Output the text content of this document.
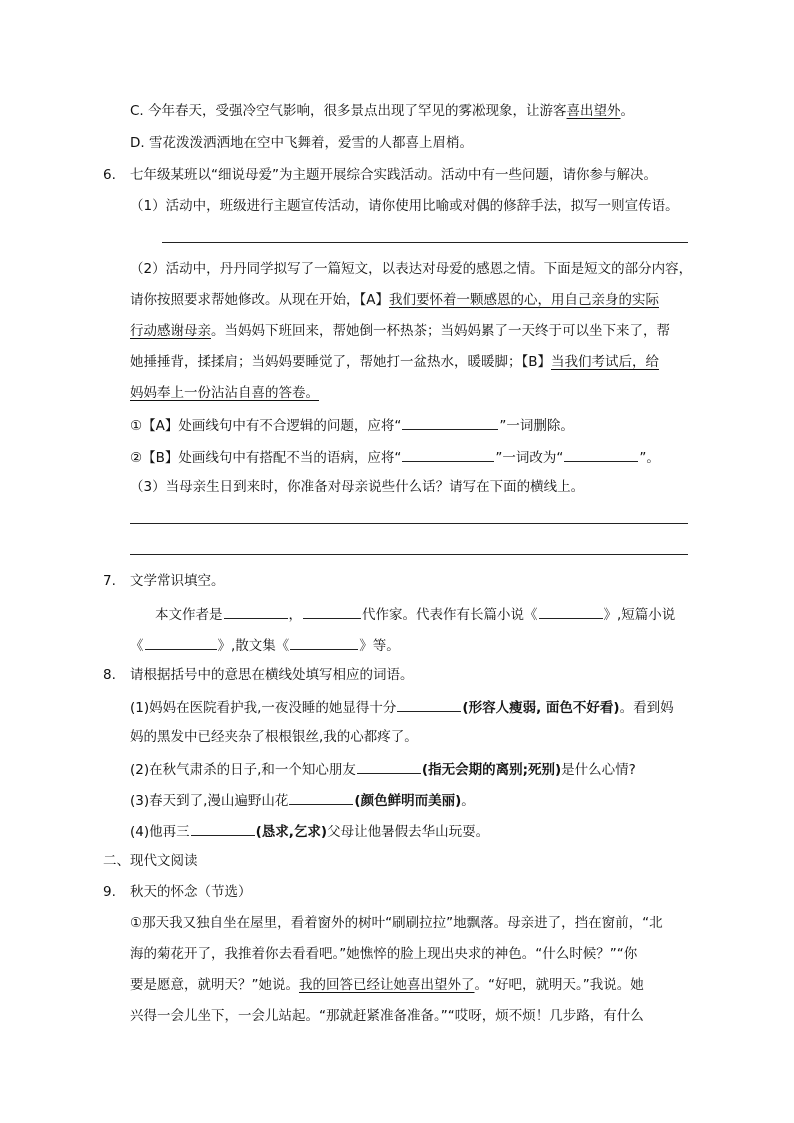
C. 今年春天，受强冷空气影响，很多景点出现了罕见的雾凇现象，让游客喜出望外。
D. 雪花泼泼洒洒地在空中飞舞着，爱雪的人都喜上眉梢。
6. 七年级某班以“细说母爱”为主题开展综合实践活动。活动中有一些问题，请你参与解决。
（1）活动中，班级进行主题宣传活动，请你使用比喻或对偶的修辞手法，拟写一则宣传语。
（2）活动中，丹丹同学拟写了一篇短文，以表达对母爱的感恩之情。下面是短文的部分内容，
请你按照要求帮她修改。从现在开始，【A】我们要怀着一颗感恩的心，用自己亲身的实际
行动感谢母亲。当妈妈下班回来，帮她倒一杯热茶；当妈妈累了一天终于可以坐下来了，帮
她捶捶背，揉揉肩；当妈妈要睡觉了，帮她打一盆热水，暖暖脚；【B】当我们考试后，给
妈妈奉上一份沾沾自喜的答卷。
①【A】处画线句中有不合逻辑的问题，应将“	”一词删除。
②【B】处画线句中有搭配不当的语病，应将“	”一词改为“	”。
（3）当母亲生日到来时，你准备对母亲说些什么话？请写在下面的横线上。
7. 文学常识填空。
本文作者是	，	代作家。代表作有长篇小说《	》,短篇小说
《	》,散文集《	》等。
8. 请根据括号中的意思在横线处填写相应的词语。
(1)妈妈在医院看护我,一夜没睡的她显得十分	(形容人瘦弱, 面色不好看)。看到妈
妈的黑发中已经夹杂了根根银丝,我的心都疼了。
(2)在秋气肃杀的日子,和一个知心朋友	(指无会期的离别;死别)是什么心情?
(3)春天到了,漫山遍野山花	(颜色鲜明而美丽)。
(4)他再三	(恳求,乞求)父母让他暑假去华山玩耍。
二、现代文阅读
9. 秋天的怀念（节选）
①那天我又独自坐在屋里，看着窗外的树叶“刷刷拉拉”地飘落。母亲进了，挡在窗前，“北
海的菊花开了，我推着你去看看吧。”她憔悴的脸上现出央求的神色。“什么时候？”“你
要是愿意，就明天？”她说。我的回答已经让她喜出望外了。“好吧，就明天。”我说。她
兴得一会儿坐下，一会儿站起。“那就赶紧准备准备。”“哎呀，烦不烦！几步路，有什么
